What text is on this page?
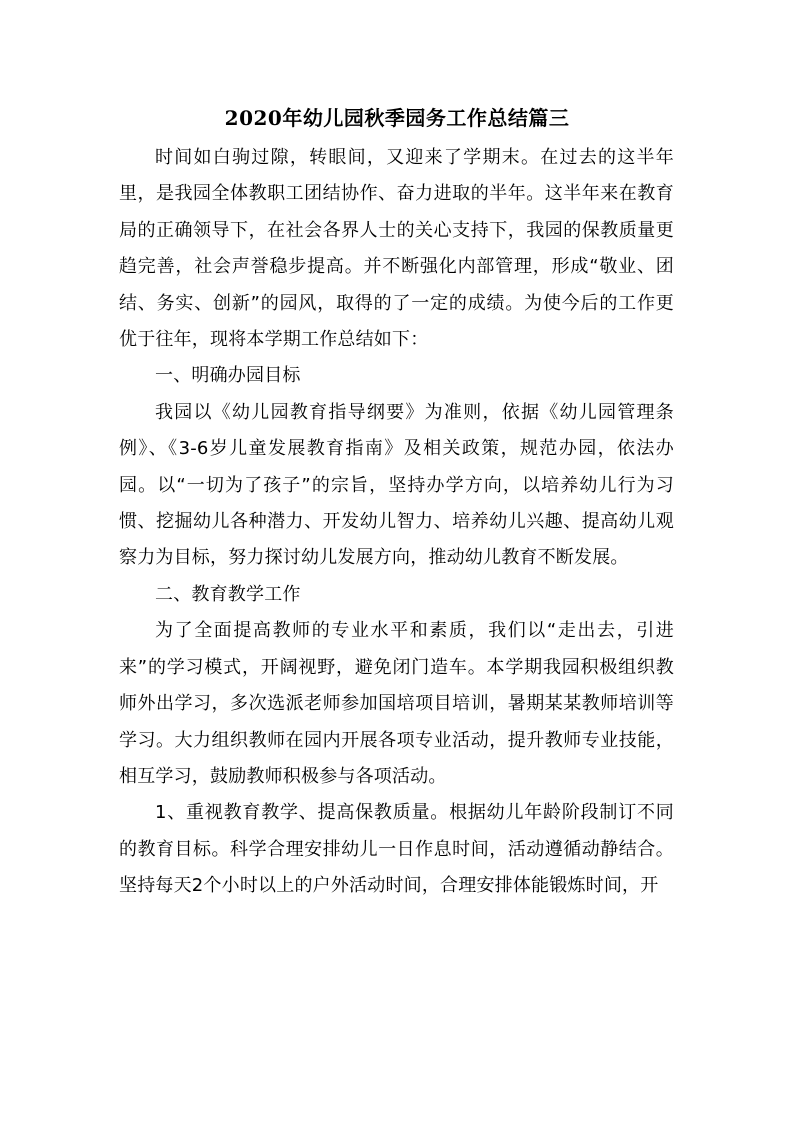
2020年幼儿园秋季园务工作总结篇三

时间如白驹过隙，转眼间，又迎来了学期末。在过去的这半年里，是我园全体教职工团结协作、奋力进取的半年。这半年来在教育局的正确领导下，在社会各界人士的关心支持下，我园的保教质量更趋完善，社会声誉稳步提高。并不断强化内部管理，形成“敬业、团结、务实、创新”的园风，取得的了一定的成绩。为使今后的工作更优于往年，现将本学期工作总结如下：

一、明确办园目标

我园以《幼儿园教育指导纲要》为准则，依据《幼儿园管理条例》、《3-6岁儿童发展教育指南》及相关政策，规范办园，依法办园。以“一切为了孩子”的宗旨，坚持办学方向，以培养幼儿行为习惯、挖掘幼儿各种潜力、开发幼儿智力、培养幼儿兴趣、提高幼儿观察力为目标，努力探讨幼儿发展方向，推动幼儿教育不断发展。

二、教育教学工作

为了全面提高教师的专业水平和素质，我们以“走出去，引进来”的学习模式，开阔视野，避免闭门造车。本学期我园积极组织教师外出学习，多次选派老师参加国培项目培训，暑期某某教师培训等学习。大力组织教师在园内开展各项专业活动，提升教师专业技能，相互学习，鼓励教师积极参与各项活动。

1、重视教育教学、提高保教质量。根据幼儿年龄阶段制订不同的教育目标。科学合理安排幼儿一日作息时间，活动遵循动静结合。坚持每天2个小时以上的户外活动时间，合理安排体能锻炼时间，开
